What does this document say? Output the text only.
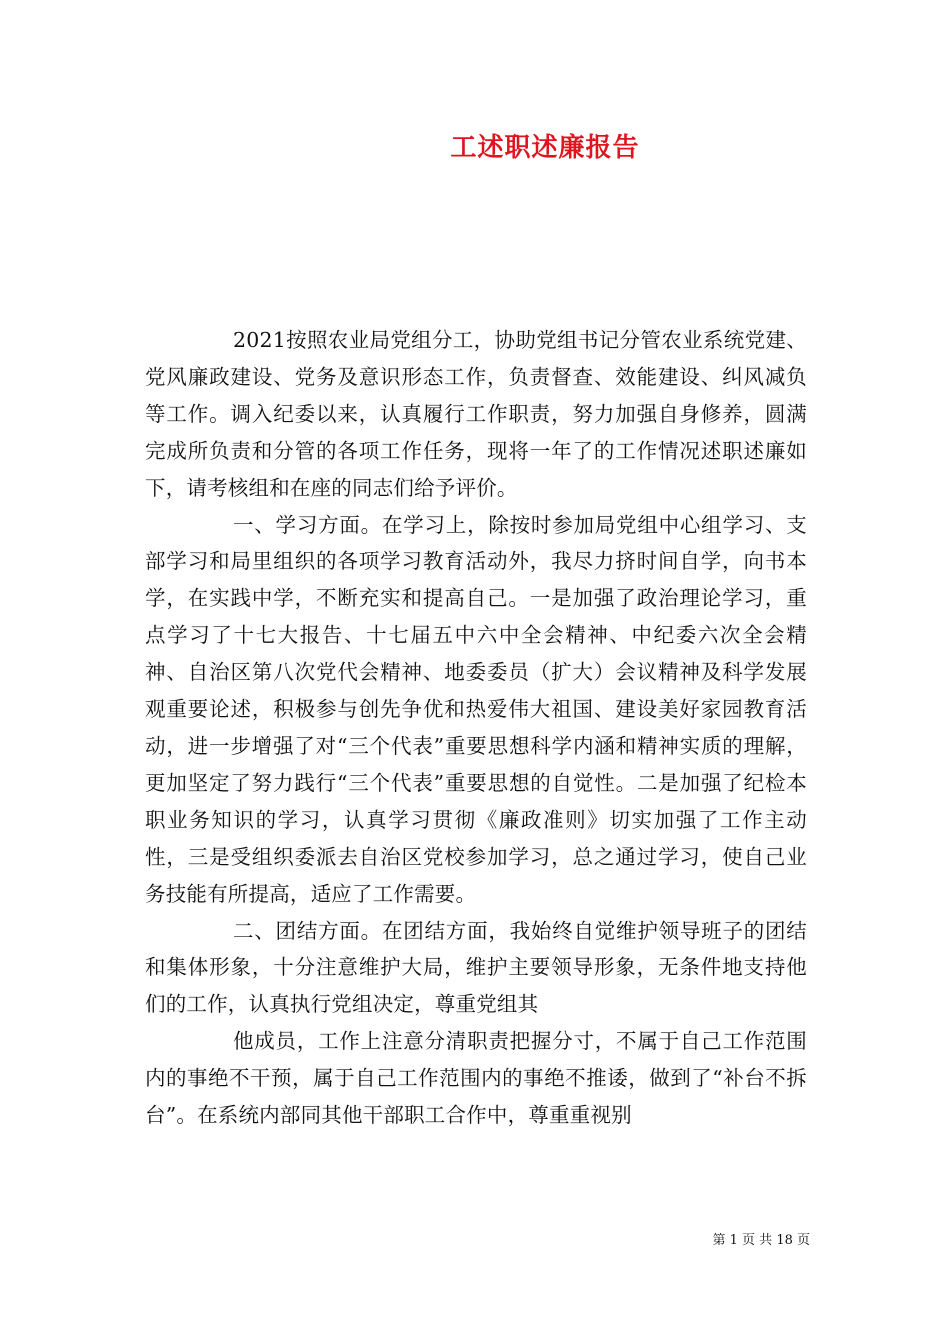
工述职述廉报告

2021按照农业局党组分工，协助党组书记分管农业系统党建、党风廉政建设、党务及意识形态工作，负责督查、效能建设、纠风减负等工作。调入纪委以来，认真履行工作职责，努力加强自身修养，圆满完成所负责和分管的各项工作任务，现将一年了的工作情况述职述廉如下，请考核组和在座的同志们给予评价。

一、学习方面。在学习上，除按时参加局党组中心组学习、支部学习和局里组织的各项学习教育活动外，我尽力挤时间自学，向书本学，在实践中学，不断充实和提高自己。一是加强了政治理论学习，重点学习了十七大报告、十七届五中六中全会精神、中纪委六次全会精神、自治区第八次党代会精神、地委委员（扩大）会议精神及科学发展观重要论述，积极参与创先争优和热爱伟大祖国、建设美好家园教育活动，进一步增强了对“三个代表”重要思想科学内涵和精神实质的理解，更加坚定了努力践行“三个代表”重要思想的自觉性。二是加强了纪检本职业务知识的学习，认真学习贯彻《廉政准则》切实加强了工作主动性，三是受组织委派去自治区党校参加学习，总之通过学习，使自己业务技能有所提高，适应了工作需要。

二、团结方面。在团结方面，我始终自觉维护领导班子的团结和集体形象，十分注意维护大局，维护主要领导形象，无条件地支持他们的工作，认真执行党组决定，尊重党组其

他成员，工作上注意分清职责把握分寸，不属于自己工作范围内的事绝不干预，属于自己工作范围内的事绝不推诿，做到了“补台不拆台”。在系统内部同其他干部职工合作中，尊重重视别

第 1 页 共 18 页
